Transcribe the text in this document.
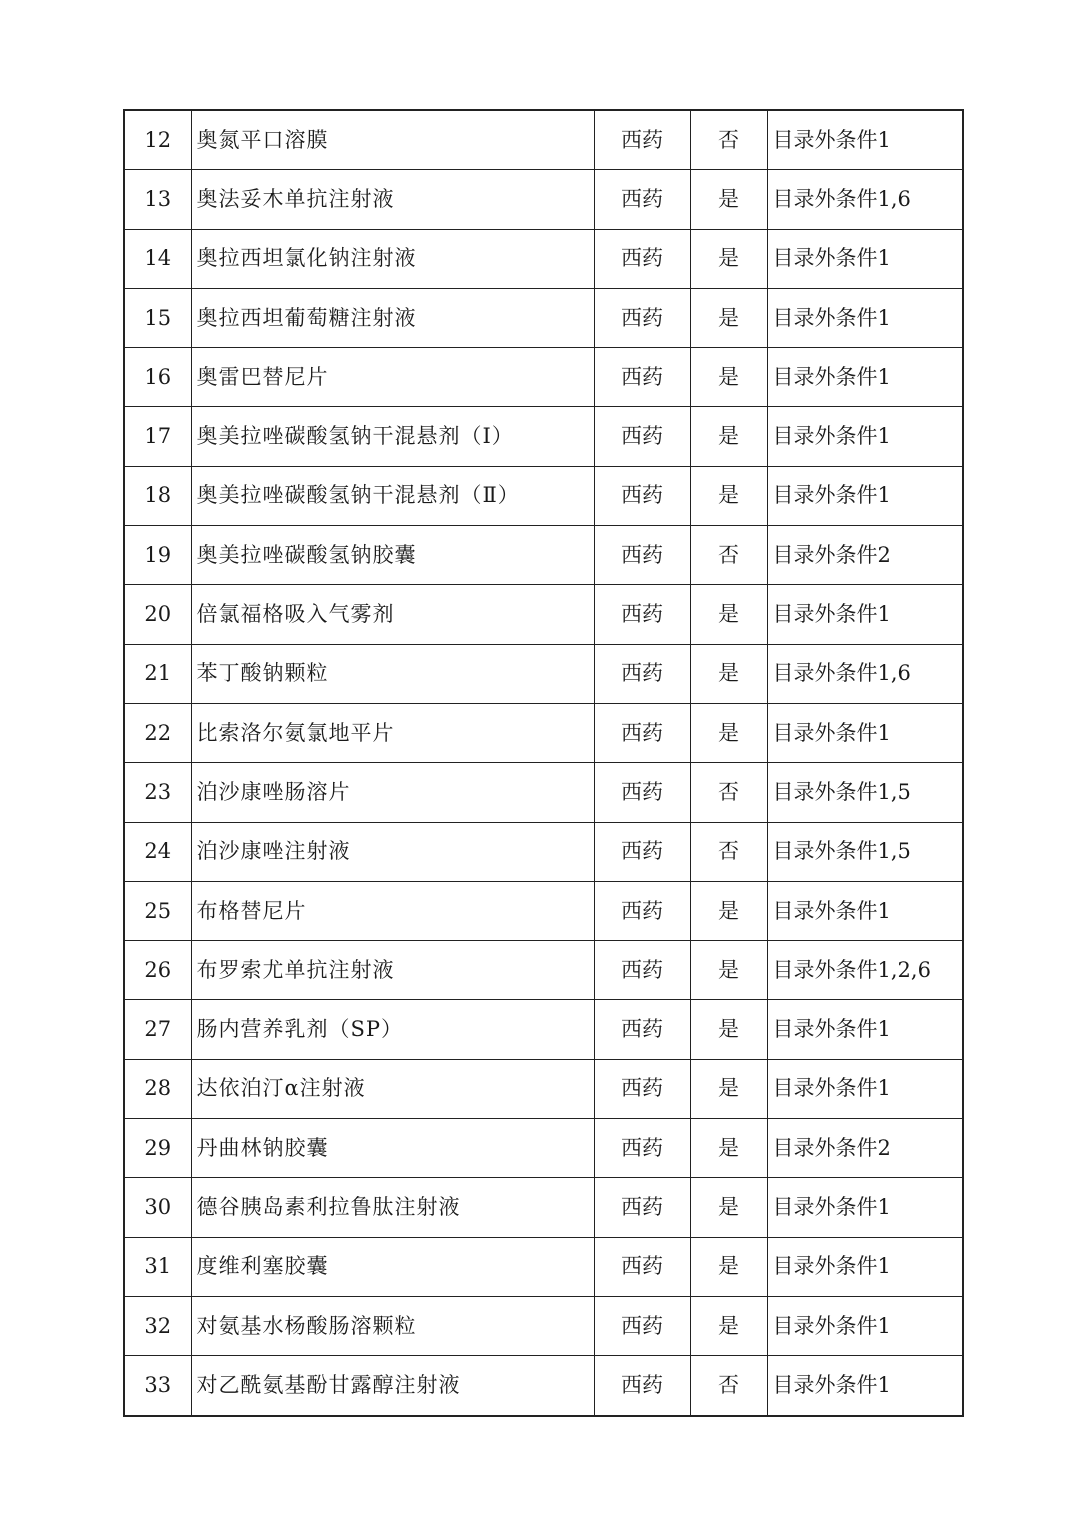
12	奥氮平口溶膜	西药	否	目录外条件1
13	奥法妥木单抗注射液	西药	是	目录外条件1,6
14	奥拉西坦氯化钠注射液	西药	是	目录外条件1
15	奥拉西坦葡萄糖注射液	西药	是	目录外条件1
16	奥雷巴替尼片	西药	是	目录外条件1
17	奥美拉唑碳酸氢钠干混悬剂（Ⅰ）	西药	是	目录外条件1
18	奥美拉唑碳酸氢钠干混悬剂（Ⅱ）	西药	是	目录外条件1
19	奥美拉唑碳酸氢钠胶囊	西药	否	目录外条件2
20	倍氯福格吸入气雾剂	西药	是	目录外条件1
21	苯丁酸钠颗粒	西药	是	目录外条件1,6
22	比索洛尔氨氯地平片	西药	是	目录外条件1
23	泊沙康唑肠溶片	西药	否	目录外条件1,5
24	泊沙康唑注射液	西药	否	目录外条件1,5
25	布格替尼片	西药	是	目录外条件1
26	布罗索尤单抗注射液	西药	是	目录外条件1,2,6
27	肠内营养乳剂（SP）	西药	是	目录外条件1
28	达依泊汀α注射液	西药	是	目录外条件1
29	丹曲林钠胶囊	西药	是	目录外条件2
30	德谷胰岛素利拉鲁肽注射液	西药	是	目录外条件1
31	度维利塞胶囊	西药	是	目录外条件1
32	对氨基水杨酸肠溶颗粒	西药	是	目录外条件1
33	对乙酰氨基酚甘露醇注射液	西药	否	目录外条件1
